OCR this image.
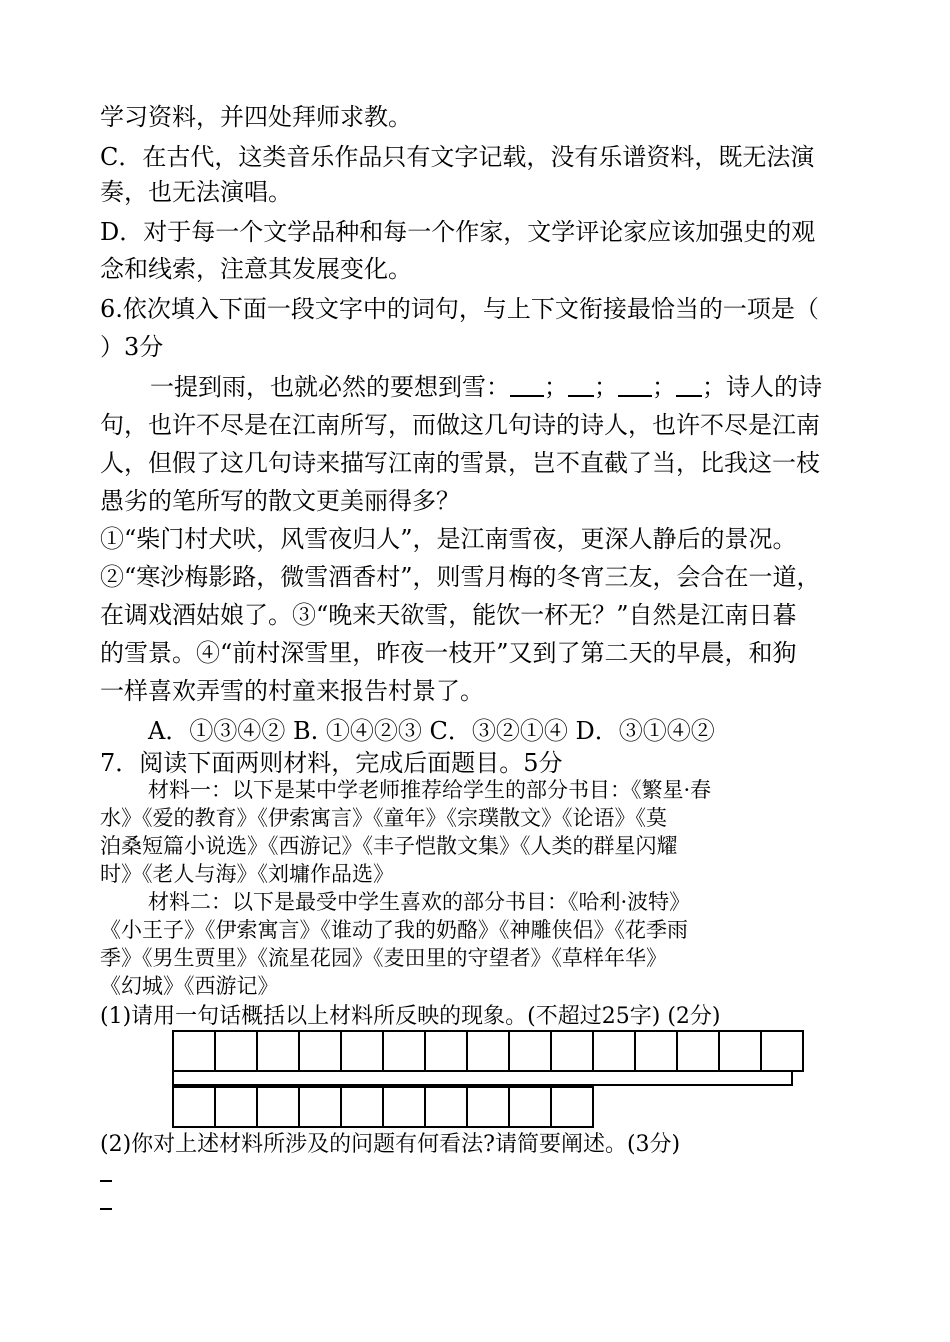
学习资料，并四处拜师求教。
C．在古代，这类音乐作品只有文字记载，没有乐谱资料，既无法演
奏，也无法演唱。
D．对于每一个文学品种和每一个作家，文学评论家应该加强史的观
念和线索，注意其发展变化。
6.依次填入下面一段文字中的词句，与上下文衔接最恰当的一项是（
）3分
一提到雨，也就必然的要想到雪： ； ； ； ；诗人的诗
句，也许不尽是在江南所写，而做这几句诗的诗人，也许不尽是江南
人，但假了这几句诗来描写江南的雪景，岂不直截了当，比我这一枝
愚劣的笔所写的散文更美丽得多？
①“柴门村犬吠，风雪夜归人”，是江南雪夜，更深人静后的景况。
②“寒沙梅影路，微雪酒香村”，则雪月梅的冬宵三友，会合在一道，
在调戏酒姑娘了。③“晚来天欲雪，能饮一杯无？”自然是江南日暮
的雪景。④“前村深雪里，昨夜一枝开”又到了第二天的早晨，和狗
一样喜欢弄雪的村童来报告村景了。
A．①③④② B. ①④②③ C．③②①④ D．③①④②
7．阅读下面两则材料，完成后面题目。5分
材料一：以下是某中学老师推荐给学生的部分书目：《繁星·春
水》《爱的教育》《伊索寓言》《童年》《宗璞散文》《论语》《莫
泊桑短篇小说选》《西游记》《丰子恺散文集》《人类的群星闪耀
时》《老人与海》《刘墉作品选》
材料二：以下是最受中学生喜欢的部分书目：《哈利·波特》
《小王子》《伊索寓言》《谁动了我的奶酪》《神雕侠侣》《花季雨
季》《男生贾里》《流星花园》《麦田里的守望者》《草样年华》
《幻城》《西游记》
(1)请用一句话概括以上材料所反映的现象。(不超过25字) (2分)
(2)你对上述材料所涉及的问题有何看法?请简要阐述。(3分)
